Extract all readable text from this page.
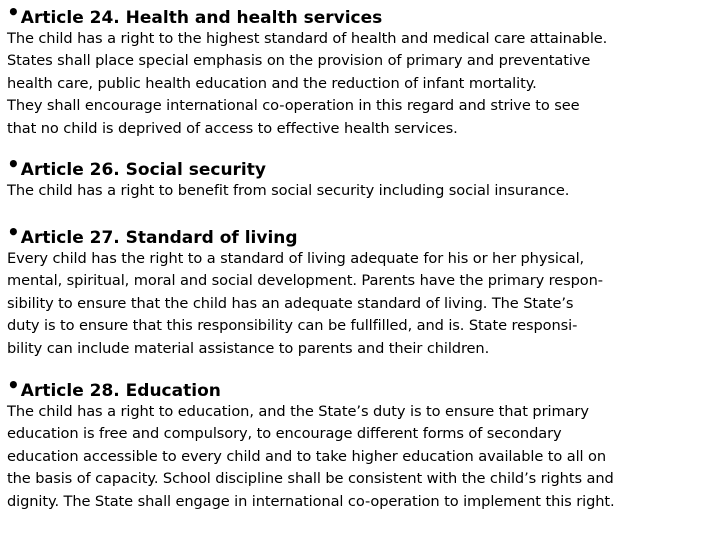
•Article 24. Health and health services
The child has a right to the highest standard of health and medical care attainable.
States shall place special emphasis on the provision of primary and preventative
health care, public health education and the reduction of infant mortality.
They shall encourage international co-operation in this regard and strive to see
that no child is deprived of access to effective health services.
•Article 26. Social security
The child has a right to benefit from social security including social insurance.
•Article 27. Standard of living
Every child has the right to a standard of living adequate for his or her physical,
mental, spiritual, moral and social development. Parents have the primary respon-
sibility to ensure that the child has an adequate standard of living. The State’s
duty is to ensure that this responsibility can be fullfilled, and is. State responsi-
bility can include material assistance to parents and their children.
•Article 28. Education
The child has a right to education, and the State’s duty is to ensure that primary
education is free and compulsory, to encourage different forms of secondary
education accessible to every child and to take higher education available to all on
the basis of capacity. School discipline shall be consistent with the child’s rights and
dignity. The State shall engage in international co-operation to implement this right.
